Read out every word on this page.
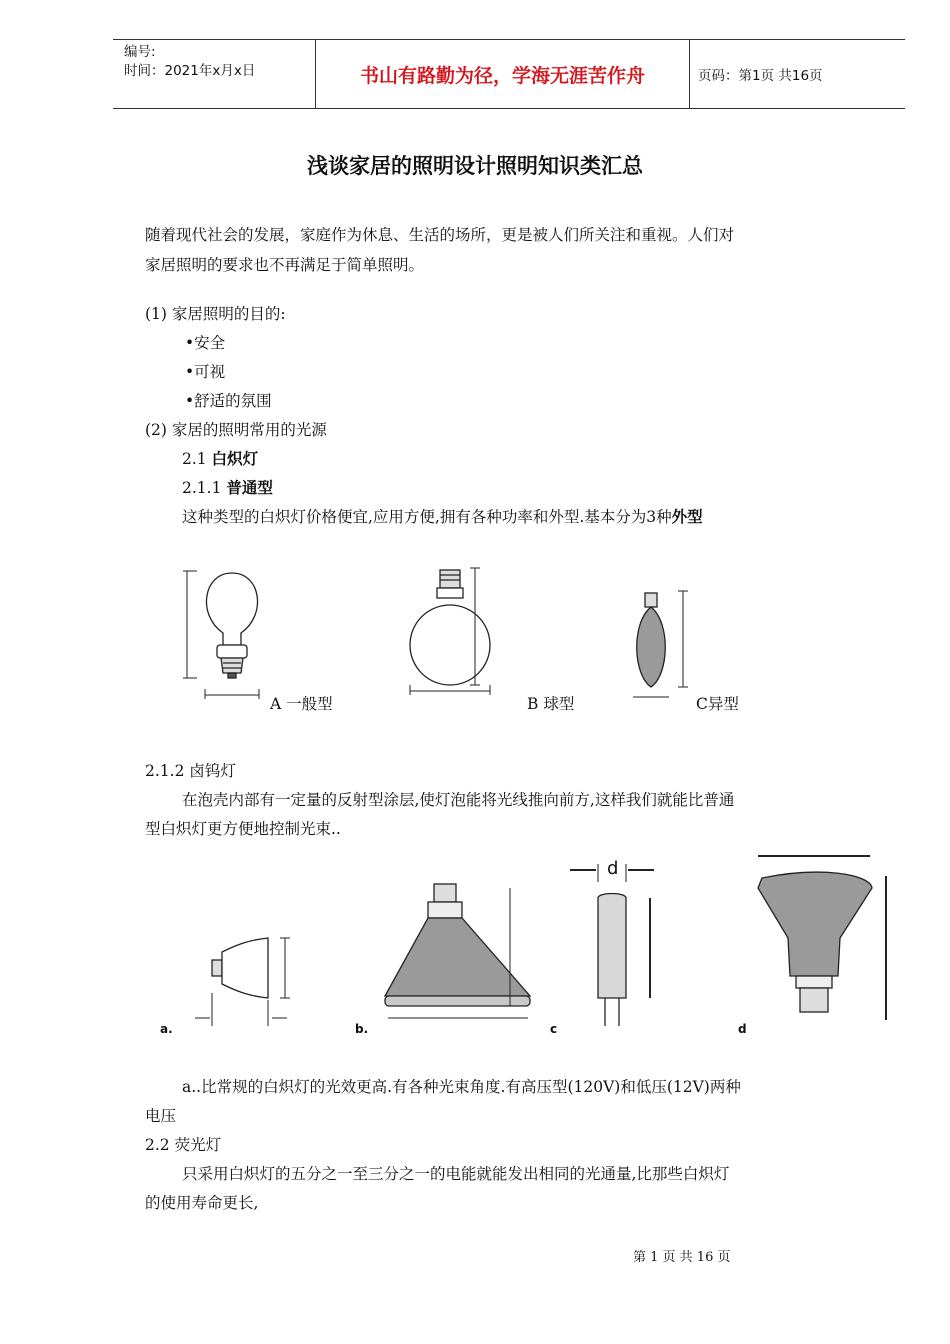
编号:
时间：2021年x月x日	书山有路勤为径，学海无涯苦作舟	页码：第1页 共16页
浅谈家居的照明设计照明知识类汇总
随着现代社会的发展，家庭作为休息、生活的场所，更是被人们所关注和重视。人们对
家居照明的要求也不再满足于简单照明。
(1) 家居照明的目的:
•安全
•可视
•舒适的氛围
(2) 家居的照明常用的光源
2.1 白炽灯
2.1.1 普通型
这种类型的白炽灯价格便宜,应用方便,拥有各种功率和外型.基本分为3种外型
A 一般型	B 球型	C异型
2.1.2 卤钨灯
在泡壳内部有一定量的反射型涂层,使灯泡能将光线推向前方,这样我们就能比普通
型白炽灯更方便地控制光束..
a.	b.	c	d
d
a..比常规的白炽灯的光效更高.有各种光束角度.有高压型(120V)和低压(12V)两种
电压
2.2 荧光灯
只采用白炽灯的五分之一至三分之一的电能就能发出相同的光通量,比那些白炽灯
的使用寿命更长,
第 1 页 共 16 页
